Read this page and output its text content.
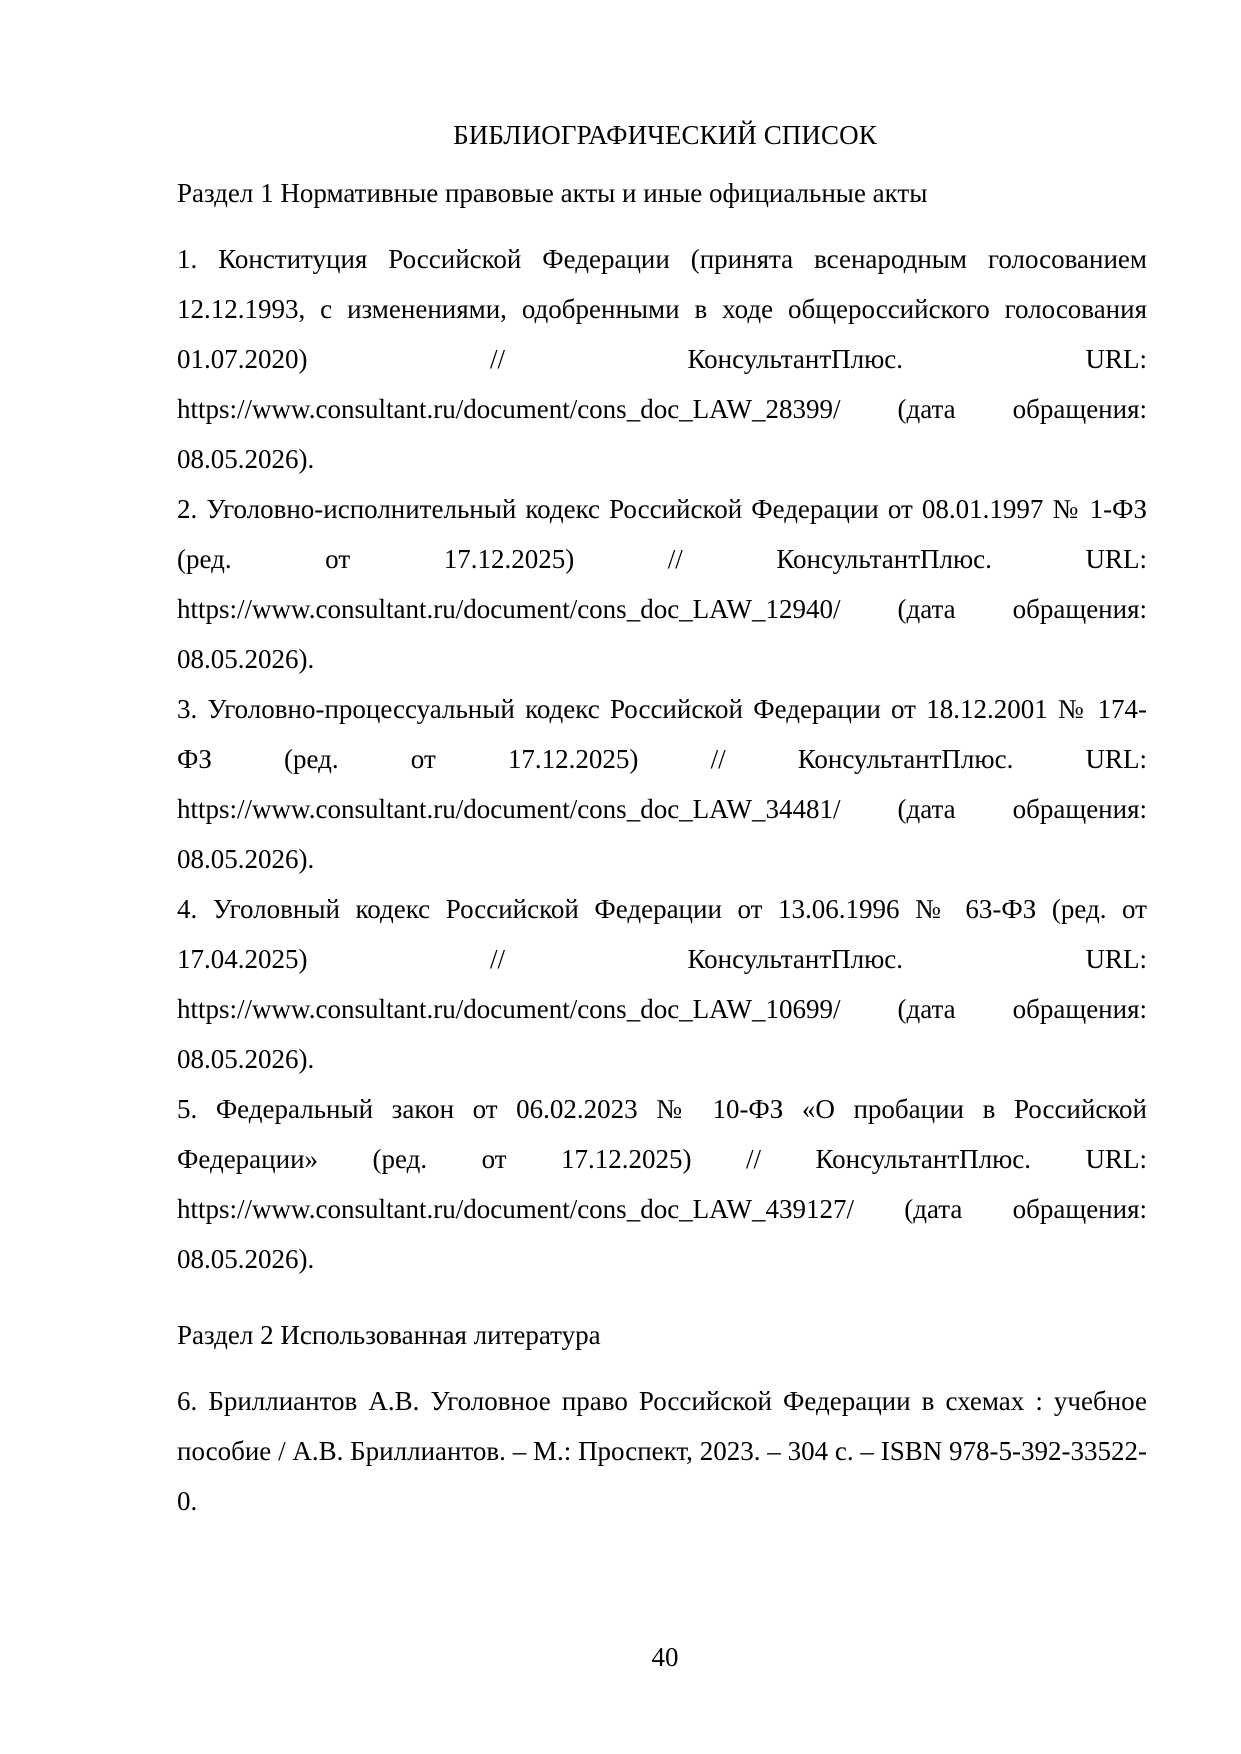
БИБЛИОГРАФИЧЕСКИЙ СПИСОК
Раздел 1 Нормативные правовые акты и иные официальные акты

1. Конституция Российской Федерации (принята всенародным голосованием 12.12.1993, с изменениями, одобренными в ходе общероссийского голосования 01.07.2020) // КонсультантПлюс. URL: https://www.consultant.ru/document/cons_doc_LAW_28399/ (дата обращения: 08.05.2026).

2. Уголовно-исполнительный кодекс Российской Федерации от 08.01.1997 № 1-ФЗ (ред. от 17.12.2025) // КонсультантПлюс. URL: https://www.consultant.ru/document/cons_doc_LAW_12940/ (дата обращения: 08.05.2026).

3. Уголовно-процессуальный кодекс Российской Федерации от 18.12.2001 № 174-ФЗ (ред. от 17.12.2025) // КонсультантПлюс. URL: https://www.consultant.ru/document/cons_doc_LAW_34481/ (дата обращения: 08.05.2026).

4. Уголовный кодекс Российской Федерации от 13.06.1996 № 63-ФЗ (ред. от 17.04.2025) // КонсультантПлюс. URL: https://www.consultant.ru/document/cons_doc_LAW_10699/ (дата обращения: 08.05.2026).

5. Федеральный закон от 06.02.2023 № 10-ФЗ «О пробации в Российской Федерации» (ред. от 17.12.2025) // КонсультантПлюс. URL: https://www.consultant.ru/document/cons_doc_LAW_439127/ (дата обращения: 08.05.2026).

Раздел 2 Использованная литература

6. Бриллиантов А.В. Уголовное право Российской Федерации в схемах : учебное пособие / А.В. Бриллиантов. – М.: Проспект, 2023. – 304 с. – ISBN 978-5-392-33522-0.

40
